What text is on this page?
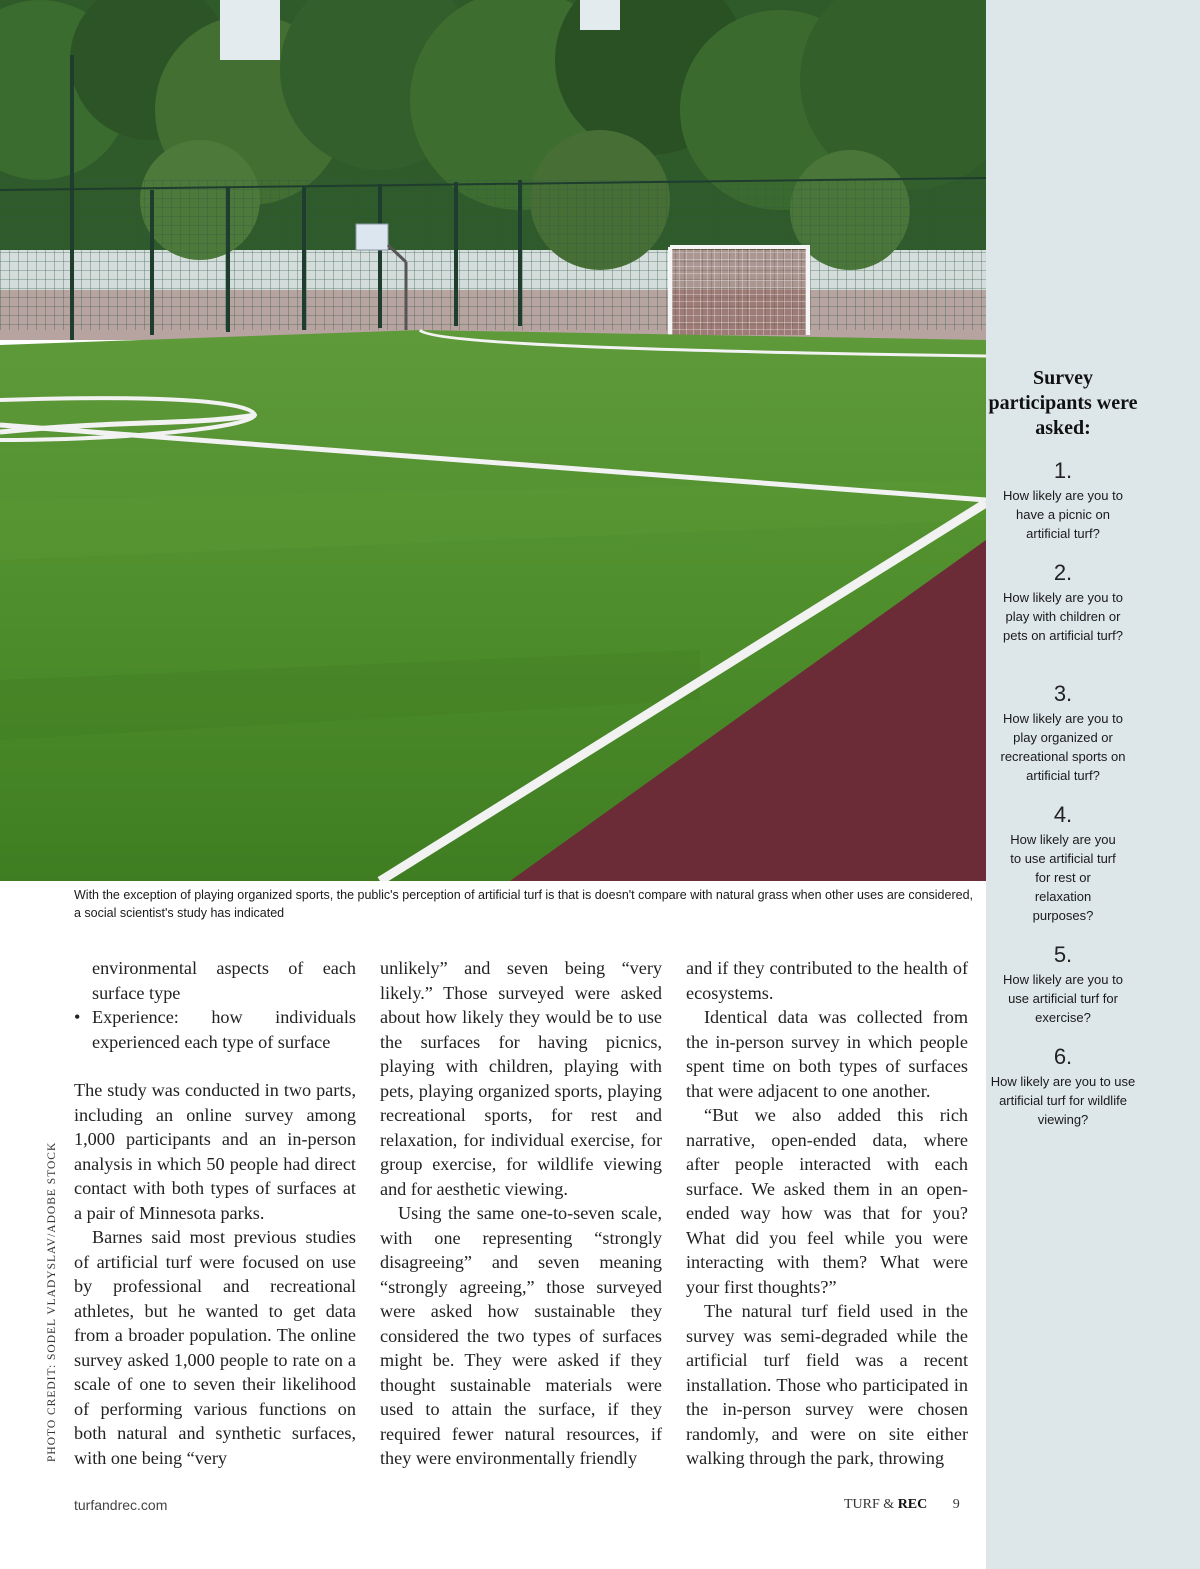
With the exception of playing organized sports, the public's perception of artificial turf is that is doesn't compare with natural grass when other uses are considered, a social scientist's study has indicated
PHOTO CREDIT: SODEL VLADYSLAV/ADOBE STOCK
Survey participants were asked:
1.
How likely are you to have a picnic on artificial turf?
2.
How likely are you to play with children or pets on artificial turf?
3.
How likely are you to play organized or recreational sports on artificial turf?
4.
How likely are you to use artificial turf for rest or relaxation purposes?
5.
How likely are you to use artificial turf for exercise?
6.
How likely are you to use artificial turf for wildlife viewing?

environmental aspects of each surface type

• Experience: how individuals experienced each type of surface

The study was conducted in two parts, including an online survey among 1,000 participants and an in-person analysis in which 50 people had direct contact with both types of surfaces at a pair of Minnesota parks.

Barnes said most previous studies of artificial turf were focused on use by professional and recreational athletes, but he wanted to get data from a broader population. The online survey asked 1,000 people to rate on a scale of one to seven their likelihood of performing various functions on both natural and synthetic surfaces, with one being “very

unlikely” and seven being “very likely.” Those surveyed were asked about how likely they would be to use the surfaces for having picnics, playing with children, playing with pets, playing organized sports, playing recreational sports, for rest and relaxation, for individual exercise, for group exercise, for wildlife viewing and for aesthetic viewing.

Using the same one-to-seven scale, with one representing “strongly disagreeing” and seven meaning “strongly agreeing,” those surveyed were asked how sustainable they considered the two types of surfaces might be. They were asked if they thought sustainable materials were used to attain the surface, if they required fewer natural resources, if they were environmentally friendly

and if they contributed to the health of ecosystems.

Identical data was collected from the in-person survey in which people spent time on both types of surfaces that were adjacent to one another.

“But we also added this rich narrative, open-ended data, where after people interacted with each surface. We asked them in an open-ended way how was that for you? What did you feel while you were interacting with them? What were your first thoughts?”

The natural turf field used in the survey was semi-degraded while the artificial turf field was a recent installation. Those who participated in the in-person survey were chosen randomly, and were on site either walking through the park, throwing

turfandrec.com	TURF & REC 9
